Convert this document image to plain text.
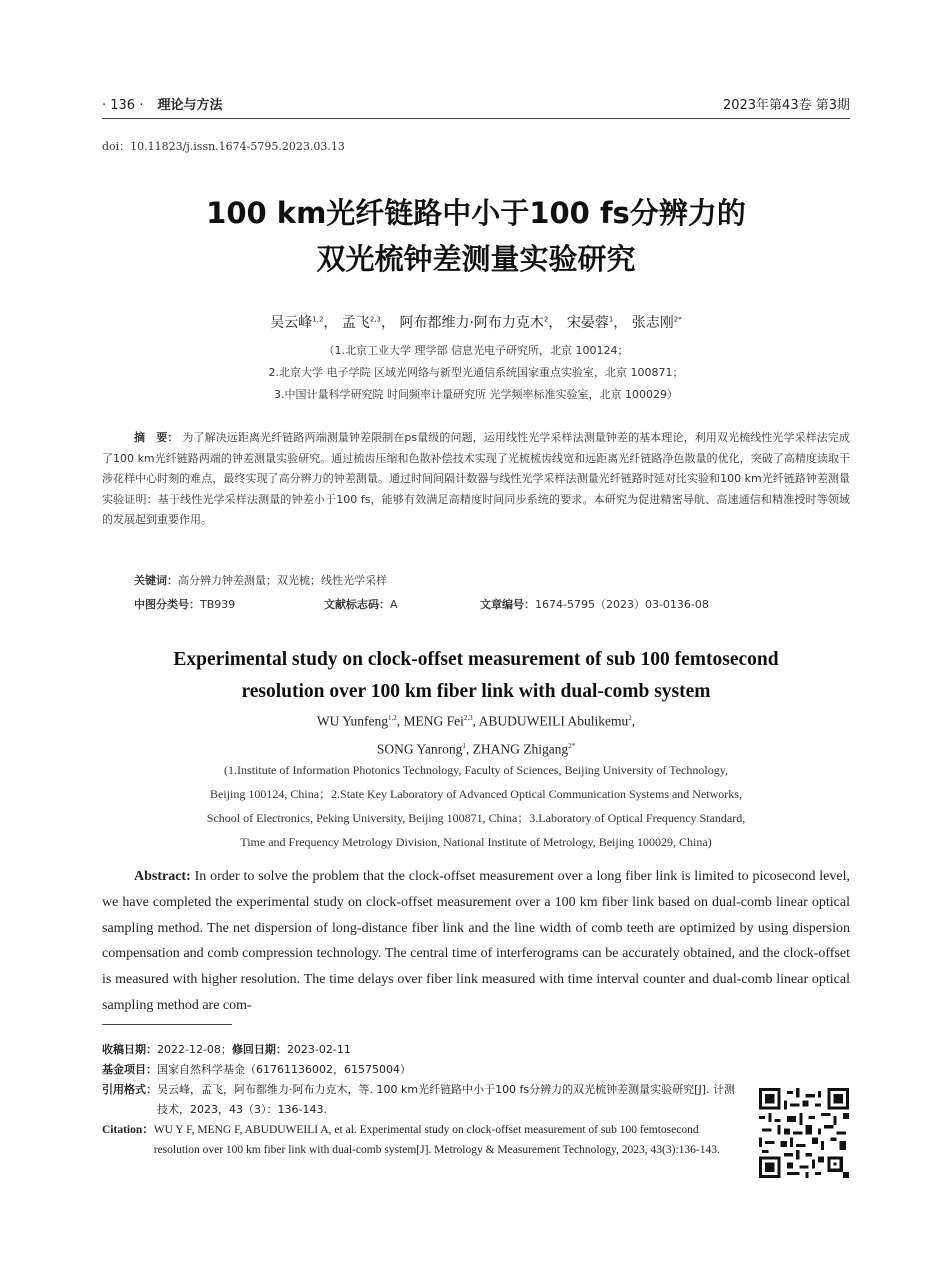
· 136 · 理论与方法	2023年第43卷 第3期
doi：10.11823/j.issn.1674-5795.2023.03.13
100 km光纤链路中小于100 fs分辨力的
双光梳钟差测量实验研究
吴云峰$^{1,2}$， 孟飞$^{2,3}$， 阿布都维力·阿布力克木$^2$， 宋晏蓉$^1$， 张志刚$^{2*}$
（1.北京工业大学 理学部 信息光电子研究所，北京 100124；
2.北京大学 电子学院 区域光网络与新型光通信系统国家重点实验室，北京 100871；
3.中国计量科学研究院 时间频率计量研究所 光学频率标准实验室，北京 100029）
摘　要： 为了解决远距离光纤链路两端测量钟差限制在ps量级的问题，运用线性光学采样法测量钟差的基本理论，利用双光梳线性光学采样法完成了100 km光纤链路两端的钟差测量实验研究。通过梳齿压缩和色散补偿技术实现了光梳梳齿线宽和远距离光纤链路净色散量的优化，突破了高精度读取干涉花样中心时刻的难点，最终实现了高分辨力的钟差测量。通过时间间隔计数器与线性光学采样法测量光纤链路时延对比实验和100 km光纤链路钟差测量实验证明：基于线性光学采样法测量的钟差小于100 fs，能够有效满足高精度时间同步系统的要求。本研究为促进精密导航、高速通信和精准授时等领域的发展起到重要作用。
关键词：高分辨力钟差测量；双光梳；线性光学采样
中图分类号：TB939	文献标志码：A	文章编号：1674-5795（2023）03-0136-08
Experimental study on clock-offset measurement of sub 100 femtosecond
resolution over 100 km fiber link with dual-comb system
WU Yunfeng$^{1,2}$, MENG Fei$^{2,3}$, ABUDUWEILI Abulikemu$^2$,
SONG Yanrong$^1$, ZHANG Zhigang$^{2*}$
(1.Institute of Information Photonics Technology, Faculty of Sciences, Beijing University of Technology,
Beijing 100124, China；2.State Key Laboratory of Advanced Optical Communication Systems and Networks,
School of Electronics, Peking University, Beijing 100871, China；3.Laboratory of Optical Frequency Standard,
Time and Frequency Metrology Division, National Institute of Metrology, Beijing 100029, China)
Abstract: In order to solve the problem that the clock-offset measurement over a long fiber link is limited to picosecond level, we have completed the experimental study on clock-offset measurement over a 100 km fiber link based on dual-comb linear optical sampling method. The net dispersion of long-distance fiber link and the line width of comb teeth are optimized by using dispersion compensation and comb compression technology. The central time of interferograms can be accurately obtained, and the clock-offset is measured with higher resolution. The time delays over fiber link measured with time interval counter and dual-comb linear optical sampling method are com-
收稿日期：2022-12-08；修回日期：2023-02-11
基金项目：国家自然科学基金（61761136002，61575004）
引用格式： 吴云峰，孟飞，阿布都维力·阿布力克木，等. 100 km光纤链路中小于100 fs分辨力的双光梳钟差测量实验研究[J]. 计测技术，2023，43（3）：136-143.
Citation： WU Y F, MENG F, ABUDUWEILI A, et al. Experimental study on clock-offset measurement of sub 100 femtosecond resolution over 100 km fiber link with dual-comb system[J]. Metrology & Measurement Technology, 2023, 43(3):136-143.
